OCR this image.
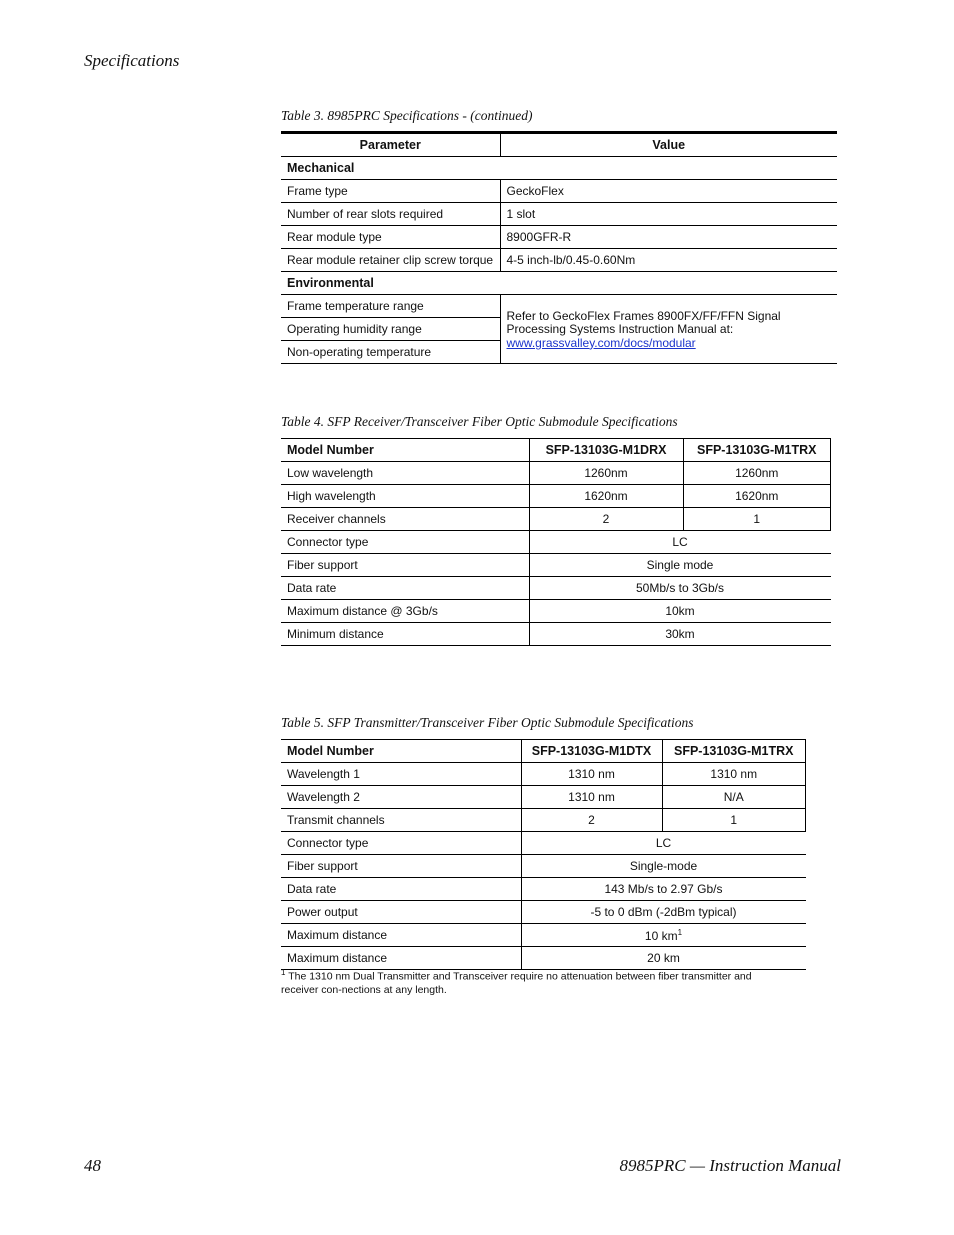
Specifications
Table 3. 8985PRC Specifications - (continued)
Parameter	Value
Mechanical	
Frame type	GeckoFlex
Number of rear slots required	1 slot
Rear module type	8900GFR-R
Rear module retainer clip screw torque	4-5 inch-lb/0.45-0.60Nm
Environmental	
Frame temperature range	Refer to GeckoFlex Frames 8900FX/FF/FFN Signal Processing Systems Instruction Manual at:
www.grassvalley.com/docs/modular
Operating humidity range	
Non-operating temperature	
Table 4. SFP Receiver/Transceiver Fiber Optic Submodule Specifications
Model Number	SFP-13103G-M1DRX	SFP-13103G-M1TRX
Low wavelength	1260nm	1260nm
High wavelength	1620nm	1620nm
Receiver channels	2	1
Connector type	LC	
Fiber support	Single mode	
Data rate	50Mb/s to 3Gb/s	
Maximum distance @ 3Gb/s	10km	
Minimum distance	30km	
Table 5. SFP Transmitter/Transceiver Fiber Optic Submodule Specifications
Model Number	SFP-13103G-M1DTX	SFP-13103G-M1TRX
Wavelength 1	1310 nm	1310 nm
Wavelength 2	1310 nm	N/A
Transmit channels	2	1
Connector type	LC	
Fiber support	Single-mode	
Data rate	143 Mb/s to 2.97 Gb/s	
Power output	-5 to 0 dBm (-2dBm typical)	
Maximum distance	10 $km^1$
Maximum distance	20 km	
$^1$ The 1310 nm Dual Transmitter and Transceiver require no attenuation between fiber transmitter and receiver con-nections at any length.
48	8985PRC — Instruction Manual
